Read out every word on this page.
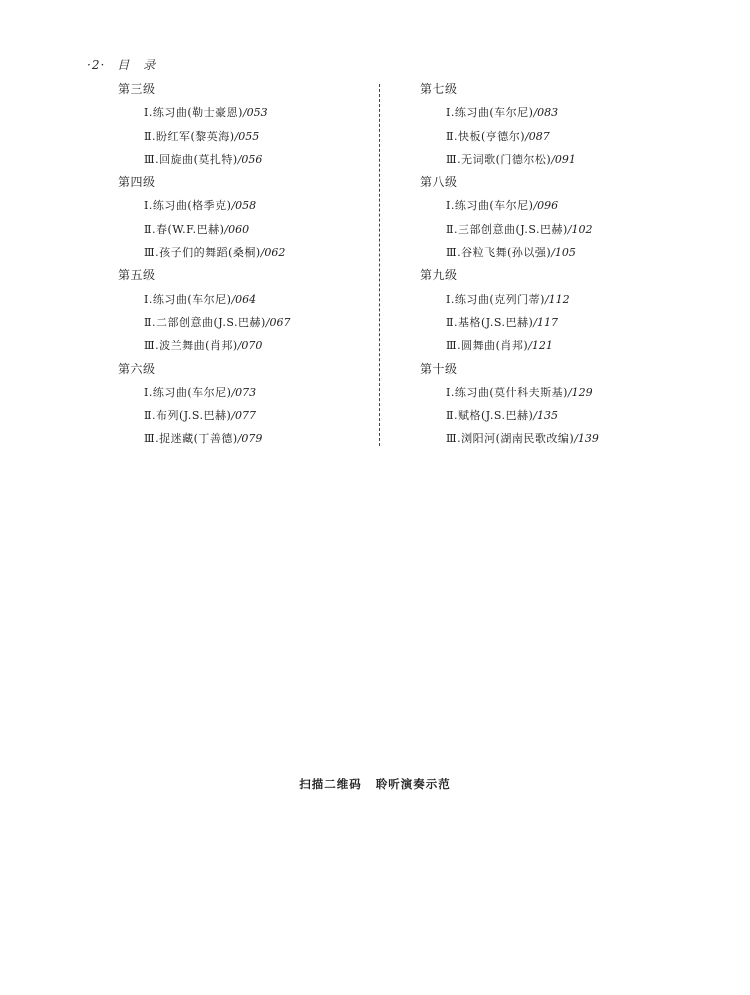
·2· 目　录
第三级
Ⅰ.练习曲(勒士豪恩)/053
Ⅱ.盼红军(黎英海)/055
Ⅲ.回旋曲(莫扎特)/056
第四级
Ⅰ.练习曲(格季克)/058
Ⅱ.春(W.F.巴赫)/060
Ⅲ.孩子们的舞蹈(桑桐)/062
第五级
Ⅰ.练习曲(车尔尼)/064
Ⅱ.二部创意曲(J.S.巴赫)/067
Ⅲ.波兰舞曲(肖邦)/070
第六级
Ⅰ.练习曲(车尔尼)/073
Ⅱ.布列(J.S.巴赫)/077
Ⅲ.捉迷藏(丁善德)/079
第七级
Ⅰ.练习曲(车尔尼)/083
Ⅱ.快板(亨德尔)/087
Ⅲ.无词歌(门德尔松)/091
第八级
Ⅰ.练习曲(车尔尼)/096
Ⅱ.三部创意曲(J.S.巴赫)/102
Ⅲ.谷粒飞舞(孙以强)/105
第九级
Ⅰ.练习曲(克列门蒂)/112
Ⅱ.基格(J.S.巴赫)/117
Ⅲ.圆舞曲(肖邦)/121
第十级
Ⅰ.练习曲(莫什科夫斯基)/129
Ⅱ.赋格(J.S.巴赫)/135
Ⅲ.浏阳河(湖南民歌改编)/139
扫描二维码 聆听演奏示范
